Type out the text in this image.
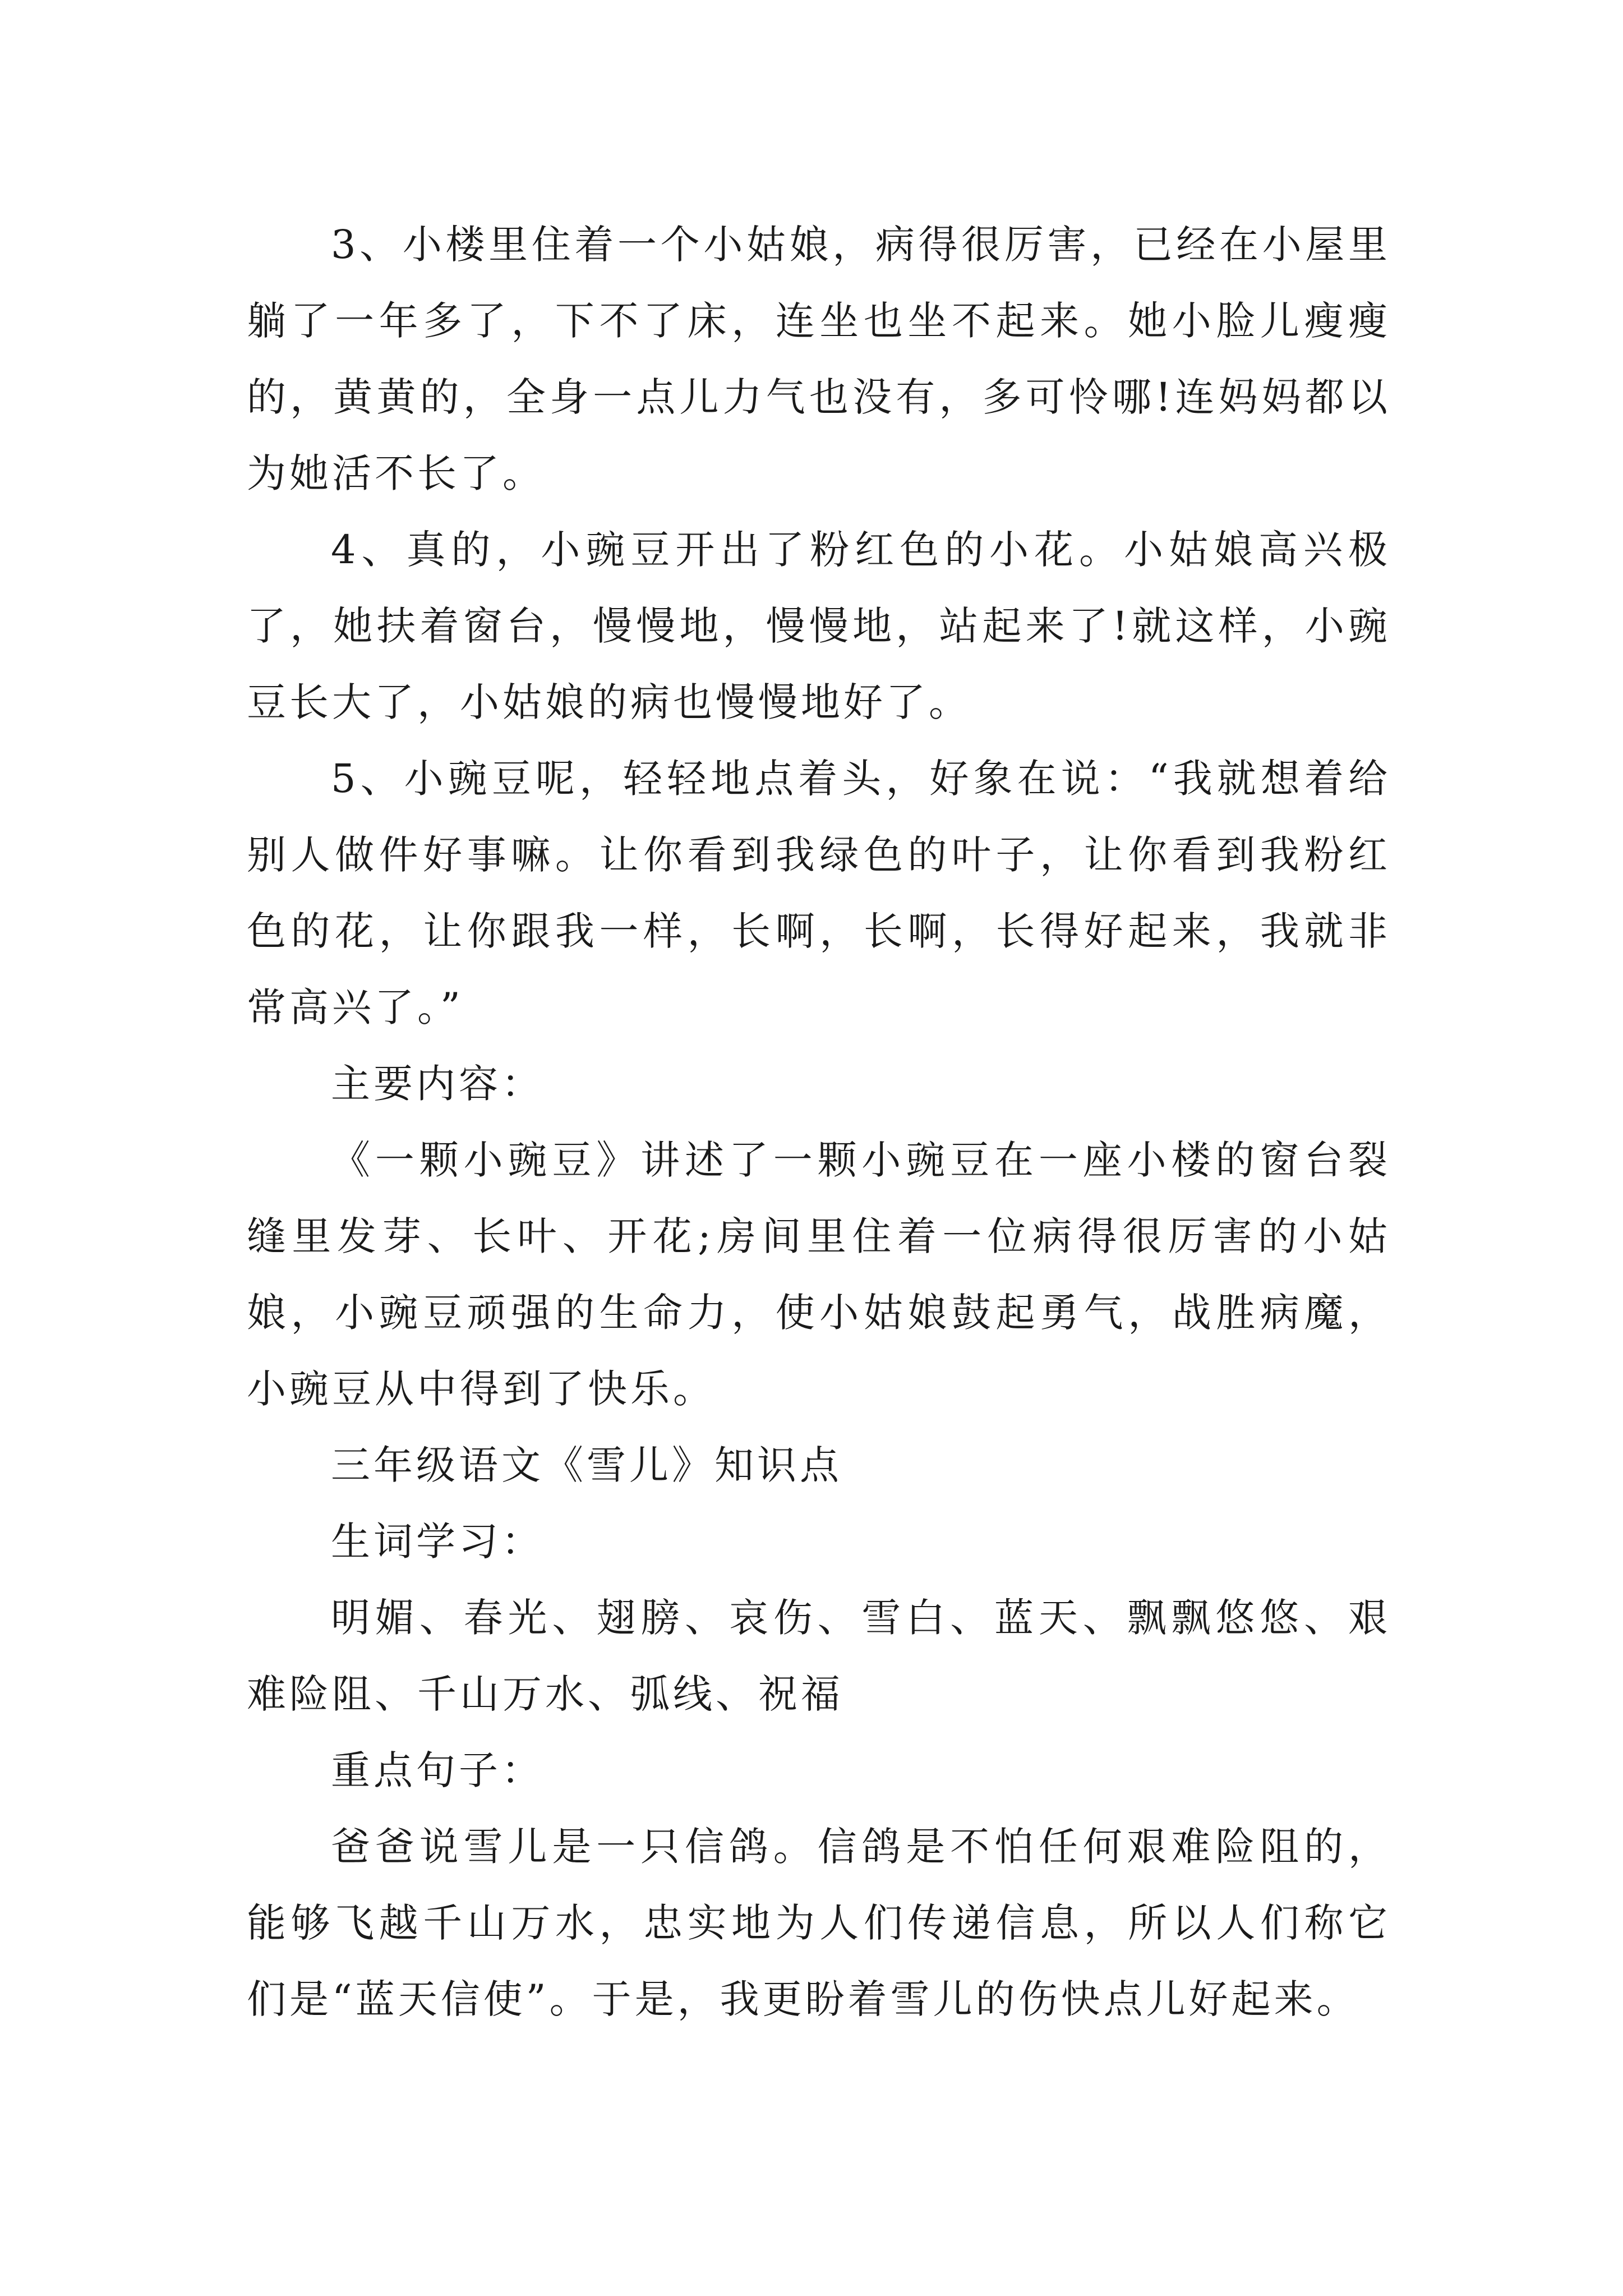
3、小楼里住着一个小姑娘，病得很厉害，已经在小屋里躺了一年多了，下不了床，连坐也坐不起来。她小脸儿瘦瘦的，黄黄的，全身一点儿力气也没有，多可怜哪!连妈妈都以为她活不长了。

4、真的，小豌豆开出了粉红色的小花。小姑娘高兴极了，她扶着窗台，慢慢地，慢慢地，站起来了!就这样，小豌豆长大了，小姑娘的病也慢慢地好了。

5、小豌豆呢，轻轻地点着头，好象在说：“我就想着给别人做件好事嘛。让你看到我绿色的叶子，让你看到我粉红色的花，让你跟我一样，长啊，长啊，长得好起来，我就非常高兴了。”

主要内容：

《一颗小豌豆》讲述了一颗小豌豆在一座小楼的窗台裂缝里发芽、长叶、开花;房间里住着一位病得很厉害的小姑娘，小豌豆顽强的生命力，使小姑娘鼓起勇气，战胜病魔，小豌豆从中得到了快乐。

三年级语文《雪儿》知识点

生词学习：

明媚、春光、翅膀、哀伤、雪白、蓝天、飘飘悠悠、艰难险阻、千山万水、弧线、祝福

重点句子：

爸爸说雪儿是一只信鸽。信鸽是不怕任何艰难险阻的，能够飞越千山万水，忠实地为人们传递信息，所以人们称它们是“蓝天信使”。于是，我更盼着雪儿的伤快点儿好起来。
